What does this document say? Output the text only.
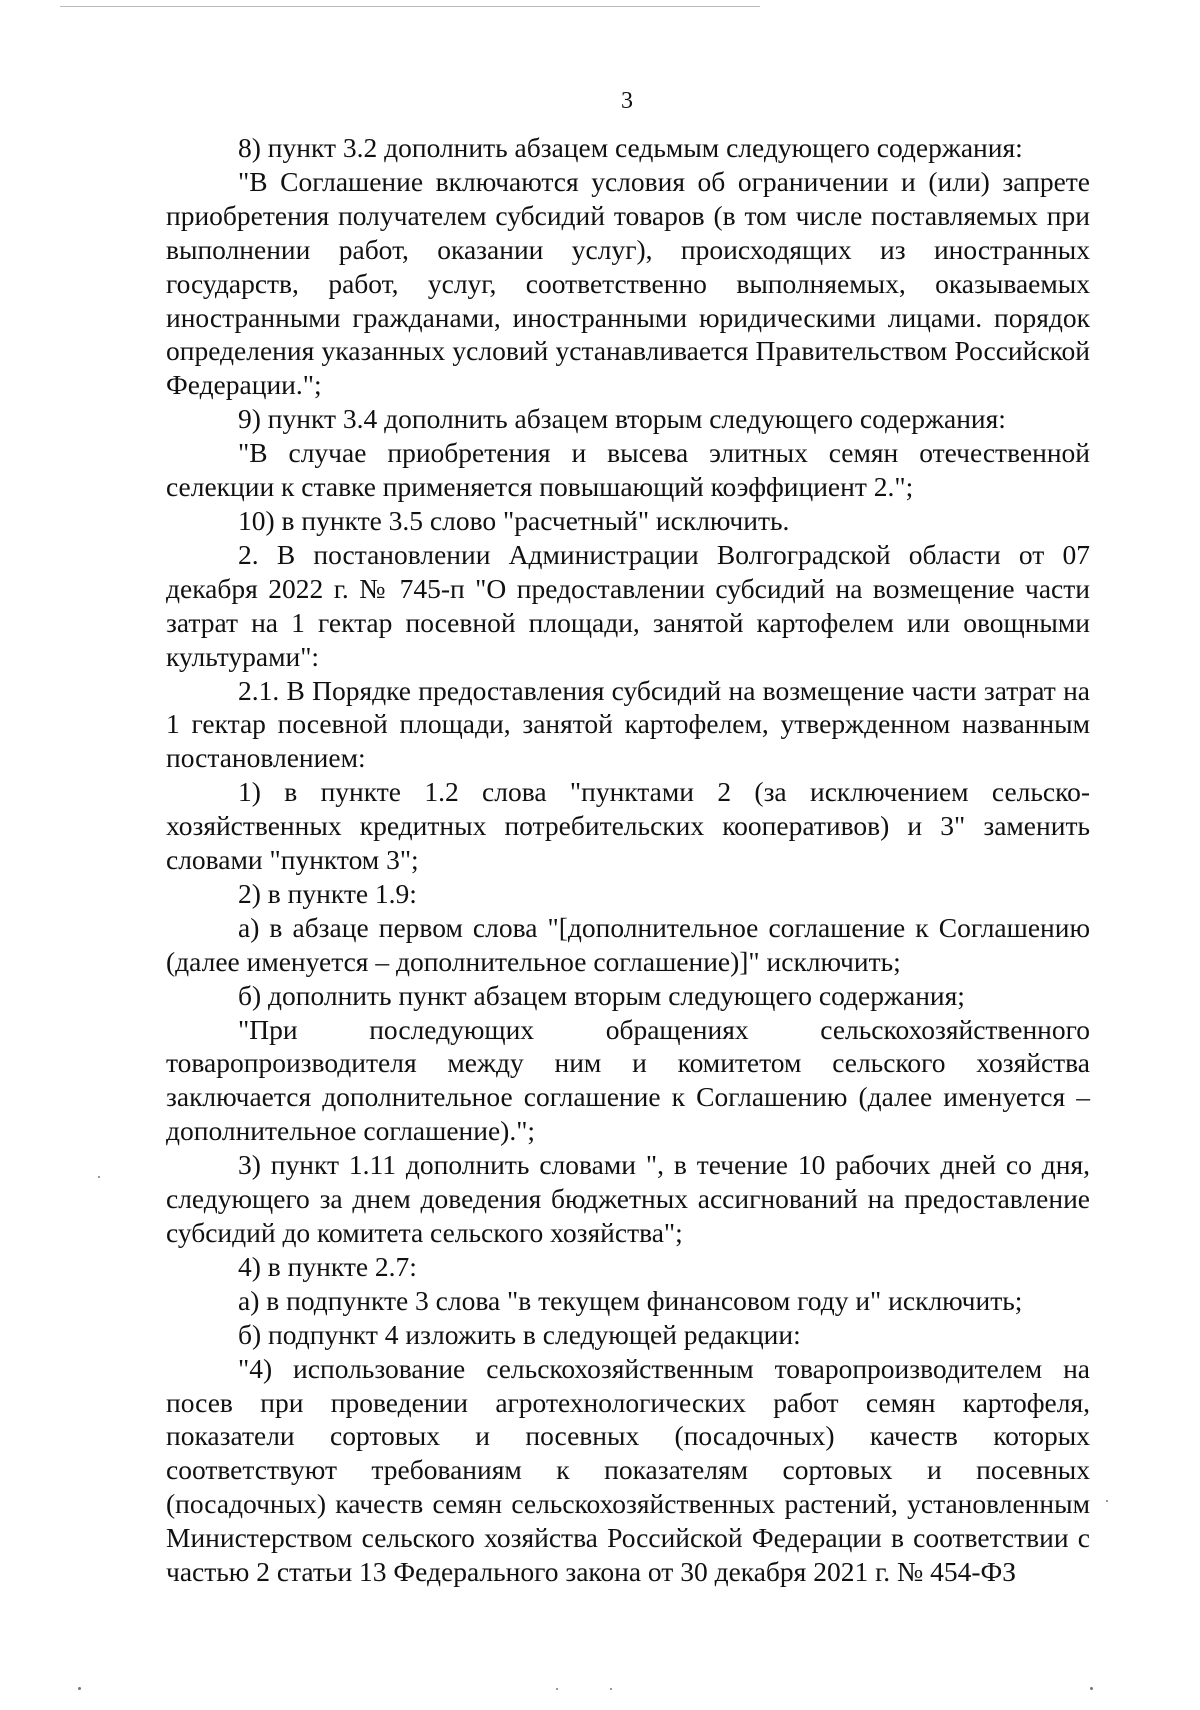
3

8) пункт 3.2 дополнить абзацем седьмым следующего содержания:

"В Соглашение включаются условия об ограничении и (или) запрете приобретения получателем субсидий товаров (в том числе поставляемых при выполнении работ, оказании услуг), происходящих из иностранных государств, работ, услуг, соответственно выполняемых, оказываемых иностранными гражданами, иностранными юридическими лицами. порядок определения указанных условий устанавливается Правительством Российской Федерации.";

9) пункт 3.4 дополнить абзацем вторым следующего содержания:

"В случае приобретения и высева элитных семян отечественной селекции к ставке применяется повышающий коэффициент 2.";

10) в пункте 3.5 слово "расчетный" исключить.

2. В постановлении Администрации Волгоградской области от 07 декабря 2022 г. № 745-п "О предоставлении субсидий на возмещение части затрат на 1 гектар посевной площади, занятой картофелем или овощными культурами":

2.1. В Порядке предоставления субсидий на возмещение части затрат на 1 гектар посевной площади, занятой картофелем, утвержденном названным постановлением:

1) в пункте 1.2 слова "пунктами 2 (за исключением сельско-хозяйственных кредитных потребительских кооперативов) и 3" заменить словами "пунктом 3";

2) в пункте 1.9:

а) в абзаце первом слова "[дополнительное соглашение к Соглашению (далее именуется – дополнительное соглашение)]" исключить;

б) дополнить пункт абзацем вторым следующего содержания;

"При последующих обращениях сельскохозяйственного товаропроизводителя между ним и комитетом сельского хозяйства заключается дополнительное соглашение к Соглашению (далее именуется – дополнительное соглашение).";

3) пункт 1.11 дополнить словами ", в течение 10 рабочих дней со дня, следующего за днем доведения бюджетных ассигнований на предоставление субсидий до комитета сельского хозяйства";

4) в пункте 2.7:

а) в подпункте 3 слова "в текущем финансовом году и" исключить;

б) подпункт 4 изложить в следующей редакции:

"4) использование сельскохозяйственным товаропроизводителем на посев при проведении агротехнологических работ семян картофеля, показатели сортовых и посевных (посадочных) качеств которых соответствуют требованиям к показателям сортовых и посевных (посадочных) качеств семян сельскохозяйственных растений, установленным Министерством сельского хозяйства Российской Федерации в соответствии с частью 2 статьи 13 Федерального закона от 30 декабря 2021 г. № 454-ФЗ
